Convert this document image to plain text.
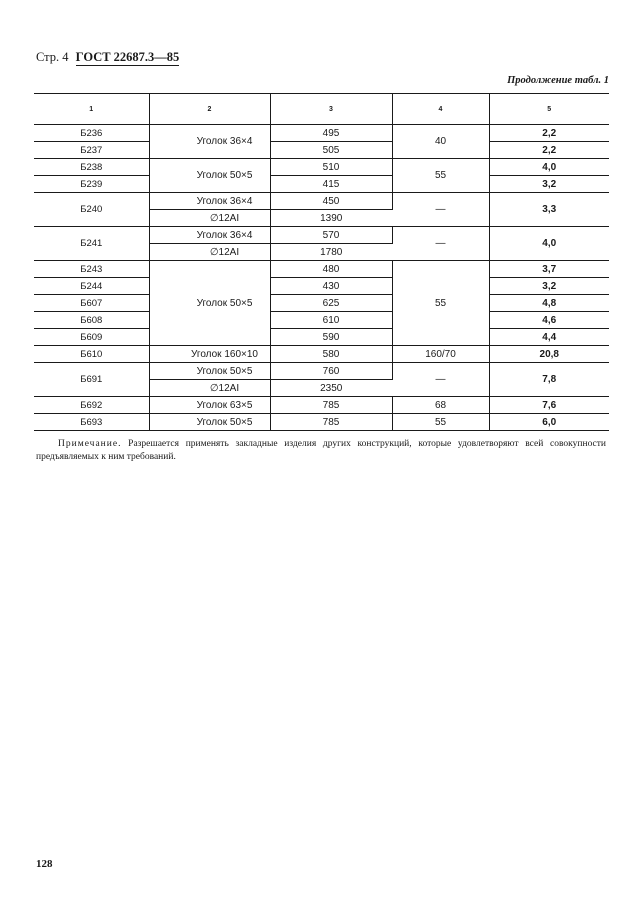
Стр. 4 ГОСТ 22687.3—85
Продолжение табл. 1
1	2	3	4	5
Б236	Уголок 36×4	495	40	2,2
Б237		505		2,2
Б238	Уголок 50×5	510	55	4,0
Б239		415		3,2
Б240	Уголок 36×4	450	—	3,3
	∅12AI	1390		
Б241	Уголок 36×4	570	—	4,0
	∅12AI	1780		
Б243	Уголок 50×5	480	55	3,7
Б244		430		3,2
Б607		625		4,8
Б608		610		4,6
Б609		590		4,4
Б610	Уголок 160×10	580	160/70	20,8
Б691	Уголок 50×5	760	—	7,8
	∅12AI	2350		
Б692	Уголок 63×5	785	68	7,6
Б693	Уголок 50×5	785	55	6,0
Примечание. Разрешается применять закладные изделия других конструкций, которые удовлетворяют всей совокупности предъявляемых к ним требований.
128
